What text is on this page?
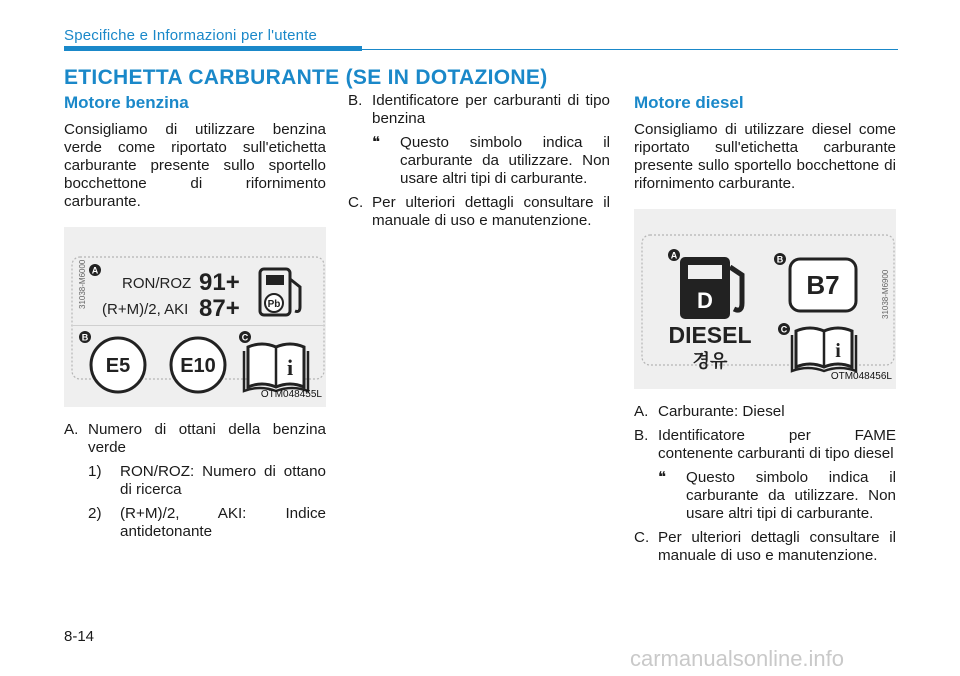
Specifiche e Informazioni per l'utente
ETICHETTA CARBURANTE (SE IN DOTAZIONE)
Motore benzina
Consigliamo di utilizzare benzina verde come riportato sull'etichetta carburante presente sullo sportello bocchettone di rifornimento carburante.
31038-M6000 A
RON/ROZ 91+
(R+M)/2, AKI 87+	Pb
B
E5 E10
C
i
OTM048455L
A. Numero di ottani della benzina verde
1) RON/ROZ: Numero di ottano di ricerca
2) (R+M)/2, AKI: Indice antidetonante
B. Identificatore per carburanti di tipo benzina
❝ Questo simbolo indica il carburante da utilizzare. Non usare altri tipi di carburante.
C. Per ulteriori dettagli consultare il manuale di uso e manutenzione.
Motore diesel
Consigliamo di utilizzare diesel come riportato sull'etichetta carburante presente sullo sportello bocchettone di rifornimento carburante.
31038-M6900
A
D
DIESEL
경유
B
B7
C
i
OTM048456L
A. Carburante: Diesel
B. Identificatore per FAME contenente carburanti di tipo diesel
❝ Questo simbolo indica il carburante da utilizzare. Non usare altri tipi di carburante.
C. Per ulteriori dettagli consultare il manuale di uso e manutenzione.
8-14
carmanualsonline.info
